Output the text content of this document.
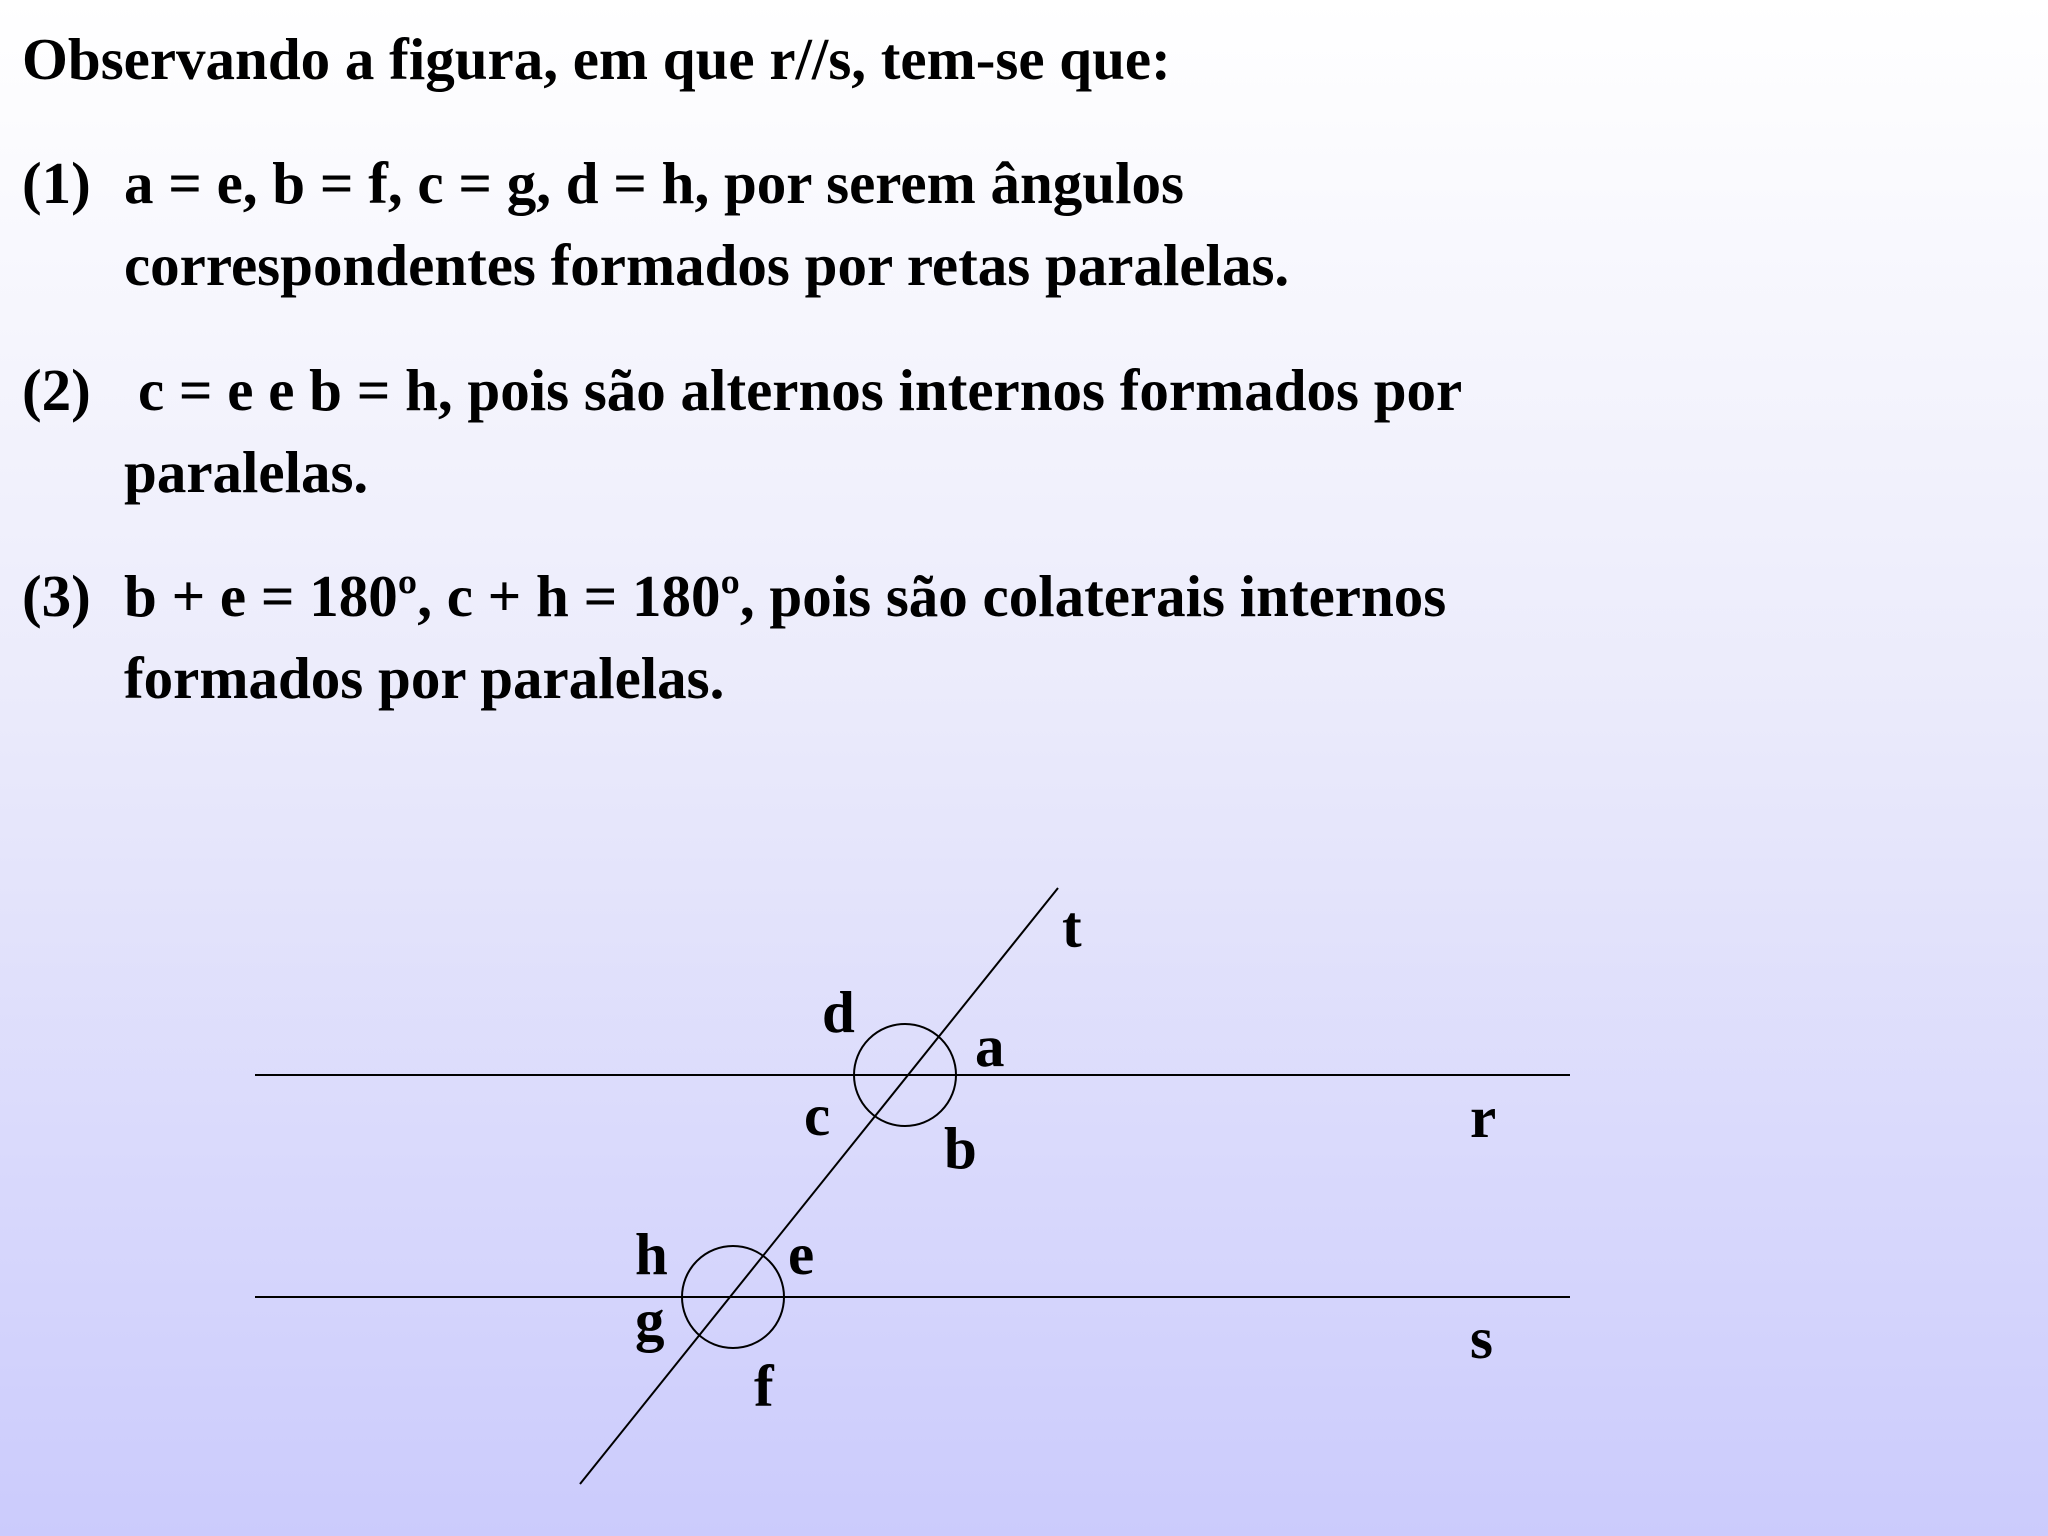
Observando a figura, em que r//s, tem-se que:
(1) a = e, b = f, c = g, d = h, por serem ângulos
correspondentes formados por retas paralelas.
(2) c = e e b = h, pois são alternos internos formados por
paralelas.
(3) b + e = 180º, c + h = 180º, pois são colaterais internos
formados por paralelas.
t
r
s
d
a
c b
h e
g
f
